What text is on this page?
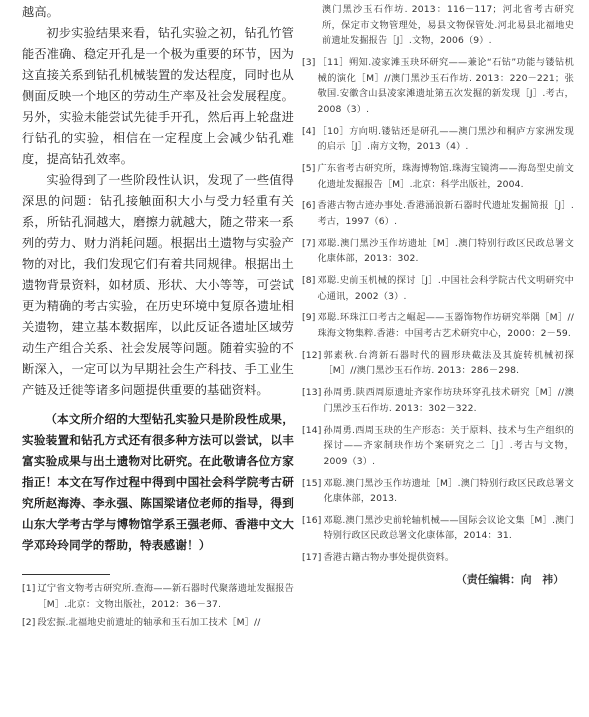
越高。

初步实验结果来看，钻孔实验之初，钻孔竹管能否准确、稳定开孔是一个极为重要的环节，因为这直接关系到钻孔机械装置的发达程度，同时也从侧面反映一个地区的劳动生产率及社会发展程度。另外，实验未能尝试先徒手开孔，然后再上轮盘进行钻孔的实验，相信在一定程度上会减少钻孔难度，提高钻孔效率。

实验得到了一些阶段性认识，发现了一些值得深思的问题：钻孔接触面积大小与受力轻重有关系，所钻孔洞越大，磨擦力就越大，随之带来一系列的劳力、财力消耗问题。根据出土遗物与实验产物的对比，我们发现它们有着共同规律。根据出土遗物背景资料，如材质、形状、大小等等，可尝试更为精确的考古实验，在历史环境中复原各遗址相关遗物，建立基本数据库，以此反证各遗址区域劳动生产组合关系、社会发展等问题。随着实验的不断深入，一定可以为早期社会生产科技、手工业生产链及迁徙等诸多问题提供重要的基础资料。

（本文所介绍的大型钻孔实验只是阶段性成果，实验装置和钻孔方式还有很多种方法可以尝试，以丰富实验成果与出土遗物对比研究。在此敬请各位方家指正！本文在写作过程中得到中国社会科学院考古研究所赵海涛、李永强、陈国梁诸位老师的指导，得到山东大学考古学与博物馆学系王强老师、香港中文大学邓玲玲同学的帮助，特表感谢！）

[1] 辽宁省文物考古研究所.查海——新石器时代聚落遗址发掘报告［M］.北京：文物出版社，2012：36－37.
[2] 段宏振.北福地史前遗址的轴承和玉石加工技术［M］//
澳门黑沙玉石作坊. 2013：116－117；河北省考古研究所，保定市文物管理处，易县文物保管处.河北易县北福地史前遗址发掘报告［J］.文物，2006（9）.
[3] ［11］朔知.凌家滩玉玦环研究——兼论“石钻”功能与镂钻机械的演化［M］//澳门黑沙玉石作坊. 2013：220－221；张敬国.安徽含山县凌家滩遗址第五次发掘的新发现［J］.考古，2008（3）.
[4] ［10］方向明.镂钻还是研孔——澳门黑沙和桐庐方家洲发现的启示［J］.南方文物，2013（4）.
[5] 广东省考古研究所，珠海博物馆.珠海宝镜湾——海岛型史前文化遗址发掘报告［M］.北京：科学出版社，2004.
[6] 香港古物古迹办事处.香港涌浪新石器时代遗址发掘简报［J］.考古，1997（6）.
[7] 邓聪.澳门黑沙玉作坊遗址［M］.澳门特别行政区民政总署文化康体部，2013：302.
[8] 邓聪.史前玉机械的探讨［J］.中国社会科学院古代文明研究中心通讯，2002（3）.
[9] 邓聪.环珠江口考古之崛起——玉器饰物作坊研究举隅［M］//珠海文物集粹.香港：中国考古艺术研究中心，2000：2－59.
[12] 郭素秋.台湾新石器时代的圆形玦截法及其旋转机械初探［M］//澳门黑沙玉石作坊. 2013：286－298.
[13] 孙周勇.陕西周原遗址齐家作坊玦环穿孔技术研究［M］//澳门黑沙玉石作坊. 2013：302－322.
[14] 孙周勇.西周玉玦的生产形态：关于原料、技术与生产组织的探讨——齐家制玦作坊个案研究之二［J］.考古与文物，2009（3）.
[15] 邓聪.澳门黑沙玉作坊遗址［M］.澳门特别行政区民政总署文化康体部，2013.
[16] 邓聪.澳门黑沙史前轮轴机械——国际会议论文集［M］.澳门特别行政区民政总署文化康体部，2014：31.
[17] 香港古籍古物办事处提供资料。
（责任编辑：向　祎）
